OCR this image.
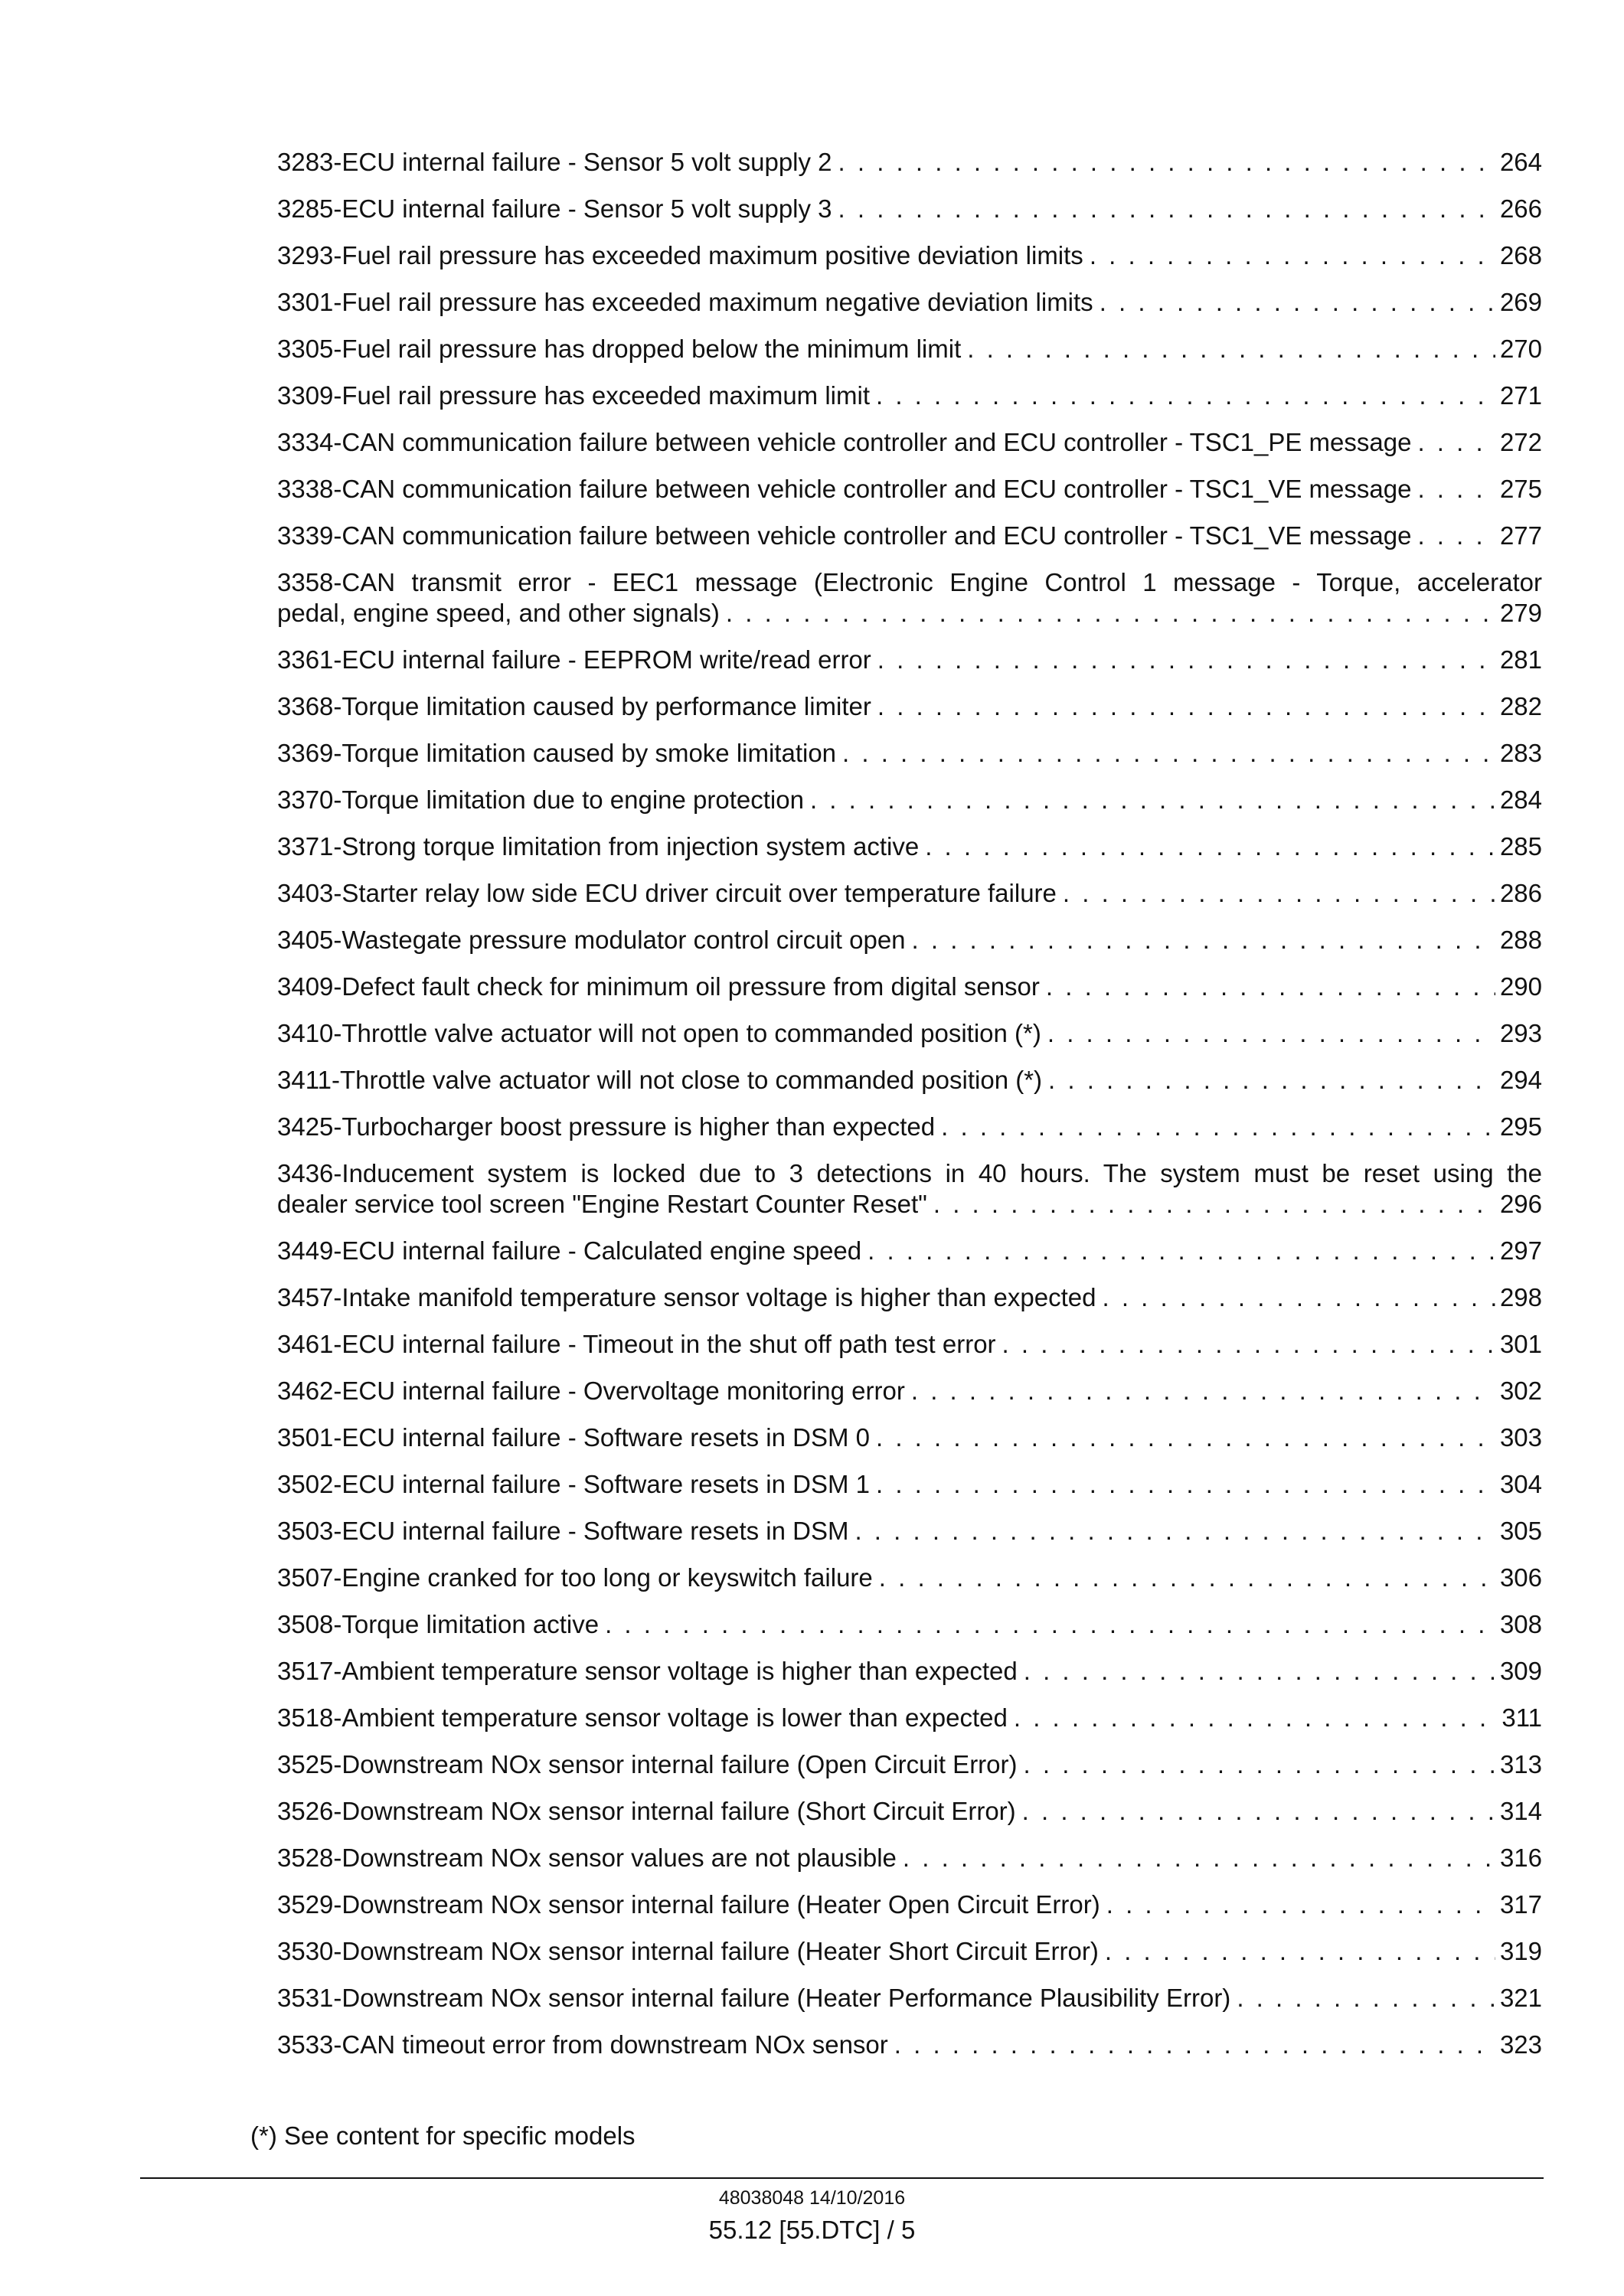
3283-ECU internal failure - Sensor 5 volt supply 2 . . .	264
3285-ECU internal failure - Sensor 5 volt supply 3 . . .	266
3293-Fuel rail pressure has exceeded maximum positive deviation limits . . .	268
3301-Fuel rail pressure has exceeded maximum negative deviation limits . . .	269
3305-Fuel rail pressure has dropped below the minimum limit . . .	270
3309-Fuel rail pressure has exceeded maximum limit . . .	271
3334-CAN communication failure between vehicle controller and ECU controller - TSC1_PE message . . .	272
3338-CAN communication failure between vehicle controller and ECU controller - TSC1_VE message . . .	275
3339-CAN communication failure between vehicle controller and ECU controller - TSC1_VE message . . .	277
3358-CAN transmit error - EEC1 message (Electronic Engine Control 1 message - Torque, accelerator
pedal, engine speed, and other signals) . . .	279
3361-ECU internal failure - EEPROM write/read error . . .	281
3368-Torque limitation caused by performance limiter . . .	282
3369-Torque limitation caused by smoke limitation . . .	283
3370-Torque limitation due to engine protection . . .	284
3371-Strong torque limitation from injection system active . . .	285
3403-Starter relay low side ECU driver circuit over temperature failure . . .	286
3405-Wastegate pressure modulator control circuit open . . .	288
3409-Defect fault check for minimum oil pressure from digital sensor . . .	290
3410-Throttle valve actuator will not open to commanded position (*) . . .	293
3411-Throttle valve actuator will not close to commanded position (*) . . .	294
3425-Turbocharger boost pressure is higher than expected . . .	295
3436-Inducement system is locked due to 3 detections in 40 hours. The system must be reset using the
dealer service tool screen "Engine Restart Counter Reset" . . .	296
3449-ECU internal failure - Calculated engine speed . . .	297
3457-Intake manifold temperature sensor voltage is higher than expected . . .	298
3461-ECU internal failure - Timeout in the shut off path test error . . .	301
3462-ECU internal failure - Overvoltage monitoring error . . .	302
3501-ECU internal failure - Software resets in DSM 0 . . .	303
3502-ECU internal failure - Software resets in DSM 1 . . .	304
3503-ECU internal failure - Software resets in DSM . . .	305
3507-Engine cranked for too long or keyswitch failure . . .	306
3508-Torque limitation active . . .	308
3517-Ambient temperature sensor voltage is higher than expected . . .	309
3518-Ambient temperature sensor voltage is lower than expected . . .	311
3525-Downstream NOx sensor internal failure (Open Circuit Error) . . .	313
3526-Downstream NOx sensor internal failure (Short Circuit Error) . . .	314
3528-Downstream NOx sensor values are not plausible . . .	316
3529-Downstream NOx sensor internal failure (Heater Open Circuit Error) . . .	317
3530-Downstream NOx sensor internal failure (Heater Short Circuit Error) . . .	319
3531-Downstream NOx sensor internal failure (Heater Performance Plausibility Error) . . .	321
3533-CAN timeout error from downstream NOx sensor . . .	323
(*) See content for specific models
48038048 14/10/2016
55.12 [55.DTC] / 5
